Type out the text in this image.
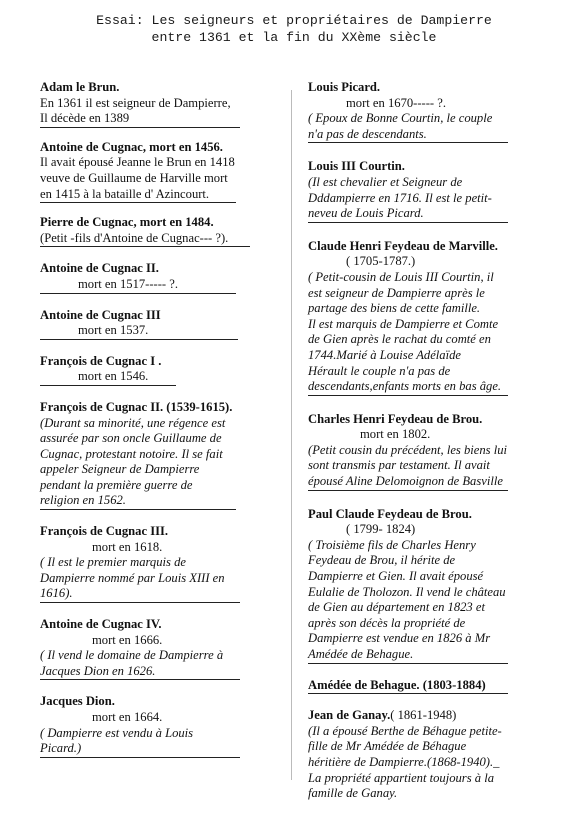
Essai: Les seigneurs et propriétaires de Dampierre
entre 1361 et la fin du XXème siècle
Adam le Brun.
En 1361 il est seigneur de Dampierre,
Il décède en 1389
Antoine de Cugnac, mort en 1456.
Il avait épousé Jeanne le Brun en 1418
veuve de Guillaume de Harville mort
en 1415 à la bataille d' Azincourt.
Pierre de Cugnac, mort en 1484.
(Petit -fils d'Antoine de Cugnac--- ?).
Antoine de Cugnac II.
mort en 1517----- ?.
Antoine de Cugnac III
mort en 1537.
François de Cugnac I .
mort en 1546.
François de Cugnac II. (1539-1615).
(Durant sa minorité, une régence est
assurée par son oncle Guillaume de
Cugnac, protestant notoire. Il se fait
appeler Seigneur de Dampierre
pendant la première guerre de
religion en 1562.
François de Cugnac III.
mort en 1618.
( Il est le premier marquis de
Dampierre nommé par Louis XIII en
1616).
Antoine de Cugnac IV.
mort en 1666.
( Il vend le domaine de Dampierre à
Jacques Dion en 1626.
Jacques Dion.
mort en 1664.
( Dampierre est vendu à Louis
Picard.)
Louis Picard.
mort en 1670----- ?.
( Epoux de Bonne Courtin, le couple
n'a pas de descendants.
Louis III Courtin.
(Il est chevalier et Seigneur de
Dddampierre en 1716. Il est le petit-
neveu de Louis Picard.
Claude Henri Feydeau de Marville.
( 1705-1787.)
( Petit-cousin de Louis III Courtin, il
est seigneur de Dampierre après le
partage des biens de cette famille.
Il est marquis de Dampierre et Comte
de Gien après le rachat du comté en
1744.Marié à Louise Adélaïde
Hérault le couple n'a pas de
descendants,enfants morts en bas âge.
Charles Henri Feydeau de Brou.
mort en 1802.
(Petit cousin du précédent, les biens lui
sont transmis par testament. Il avait
épousé Aline Delomoignon de Basville
Paul Claude Feydeau de Brou.
( 1799- 1824)
( Troisième fils de Charles Henry
Feydeau de Brou, il hérite de
Dampierre et Gien. Il avait épousé
Eulalie de Tholozon. Il vend le château
de Gien au département en 1823 et
après son décès la propriété de
Dampierre est vendue en 1826 à Mr
Amédée de Behague.
Amédée de Behague. (1803-1884)
Jean de Ganay.( 1861-1948)
(Il a épousé Berthe de Béhague petite-
fille de Mr Amédée de Béhague
héritière de Dampierre.(1868-1940)._
La propriété appartient toujours à la
famille de Ganay.
